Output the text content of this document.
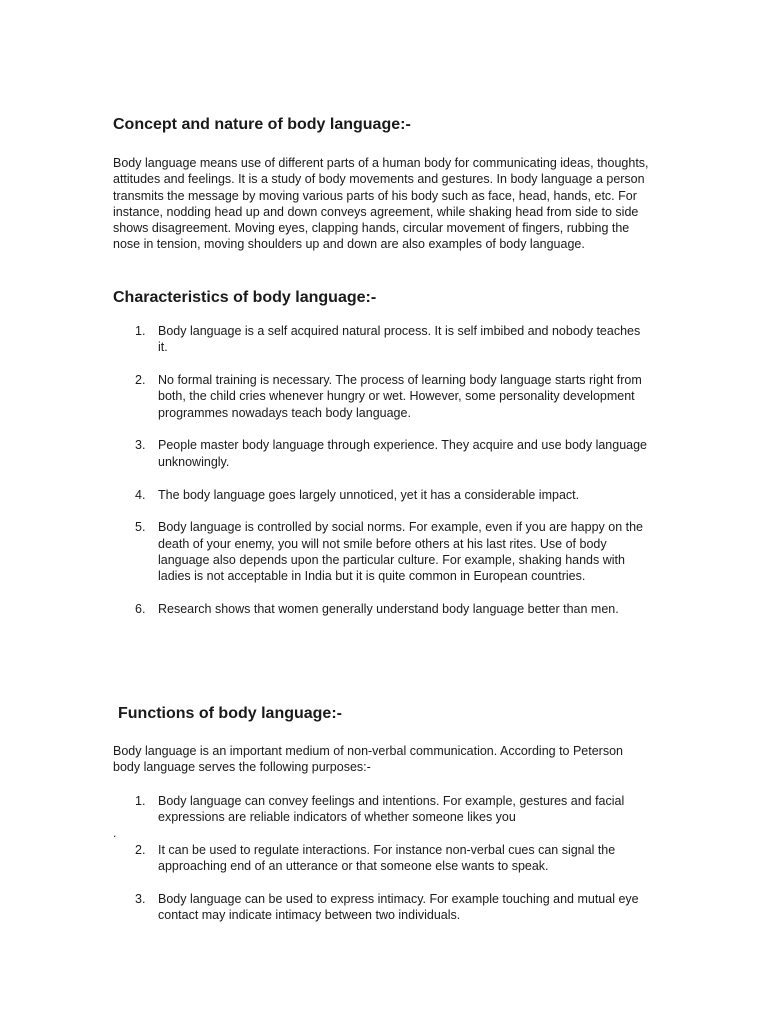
Concept and nature of body language:-

Body language means use of different parts of a human body for communicating ideas, thoughts, attitudes and feelings. It is a study of body movements and gestures. In body language a person transmits the message by moving various parts of his body such as face, head, hands, etc. For instance, nodding head up and down conveys agreement, while shaking head from side to side shows disagreement. Moving eyes, clapping hands, circular movement of fingers, rubbing the nose in tension, moving shoulders up and down are also examples of body language.

Characteristics of body language:-
1. Body language is a self acquired natural process. It is self imbibed and nobody teaches it.
2. No formal training is necessary. The process of learning body language starts right from both, the child cries whenever hungry or wet. However, some personality development programmes nowadays teach body language.
3. People master body language through experience. They acquire and use body language unknowingly.
4. The body language goes largely unnoticed, yet it has a considerable impact.
5. Body language is controlled by social norms. For example, even if you are happy on the death of your enemy, you will not smile before others at his last rites. Use of body language also depends upon the particular culture. For example, shaking hands with ladies is not acceptable in India but it is quite common in European countries.
6. Research shows that women generally understand body language better than men.
Functions of body language:-

Body language is an important medium of non-verbal communication. According to Peterson body language serves the following purposes:-

1. Body language can convey feelings and intentions. For example, gestures and facial expressions are reliable indicators of whether someone likes you
2. It can be used to regulate interactions. For instance non-verbal cues can signal the approaching end of an utterance or that someone else wants to speak.
3. Body language can be used to express intimacy. For example touching and mutual eye contact may indicate intimacy between two individuals.
.
